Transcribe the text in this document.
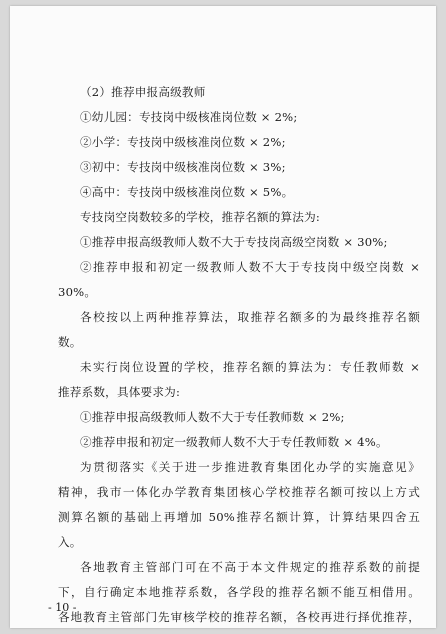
（2）推荐申报高级教师
①幼儿园：专技岗中级核准岗位数 × 2%;
②小学：专技岗中级核准岗位数 × 2%;
③初中：专技岗中级核准岗位数 × 3%;
④高中：专技岗中级核准岗位数 × 5%。
专技岗空岗数较多的学校，推荐名额的算法为:
①推荐申报高级教师人数不大于专技岗高级空岗数 × 30%;
②推荐申报和初定一级教师人数不大于专技岗中级空岗数 ×
30%。
各校按以上两种推荐算法，取推荐名额多的为最终推荐名额
数。
未实行岗位设置的学校，推荐名额的算法为：专任教师数 ×
推荐系数，具体要求为:
①推荐申报高级教师人数不大于专任教师数 × 2%;
②推荐申报和初定一级教师人数不大于专任教师数 × 4%。
为贯彻落实《关于进一步推进教育集团化办学的实施意见》
精神，我市一体化办学教育集团核心学校推荐名额可按以上方式
测算名额的基础上再增加 50%推荐名额计算，计算结果四舍五
入。
各地教育主管部门可在不高于本文件规定的推荐系数的前提
下，自行确定本地推荐系数，各学段的推荐名额不能互相借用。
各地教育主管部门先审核学校的推荐名额，各校再进行择优推荐，
- 10 -
